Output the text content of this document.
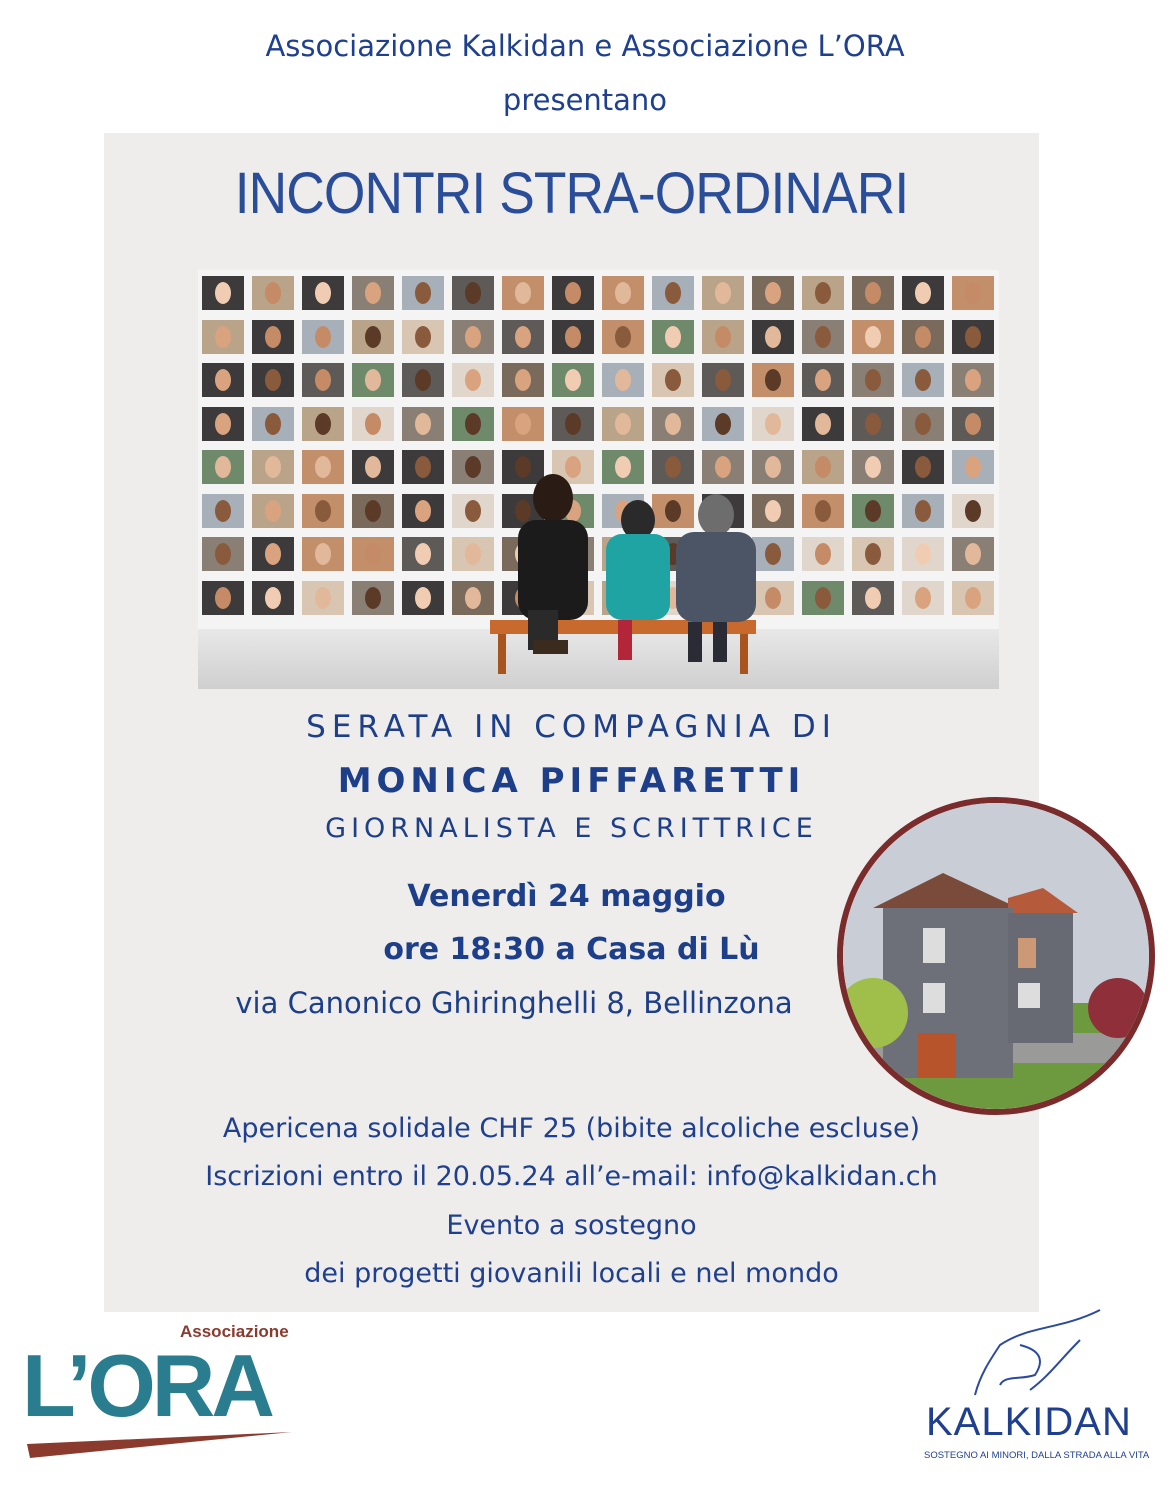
Associazione Kalkidan e Associazione L’ORA
presentano
INCONTRI STRA-ORDINARI
SERATA IN COMPAGNIA DI
MONICA PIFFARETTI
GIORNALISTA E SCRITTRICE
Venerdì 24 maggio
ore 18:30 a Casa di Lù
via Canonico Ghiringhelli 8, Bellinzona
Apericena solidale CHF 25 (bibite alcoliche escluse)
Iscrizioni entro il 20.05.24 all’e-mail: info@kalkidan.ch
Evento a sostegno
dei progetti giovanili locali e nel mondo
Associazione
L’ORA	KALKIDAN
SOSTEGNO AI MINORI, DALLA STRADA ALLA VITA
